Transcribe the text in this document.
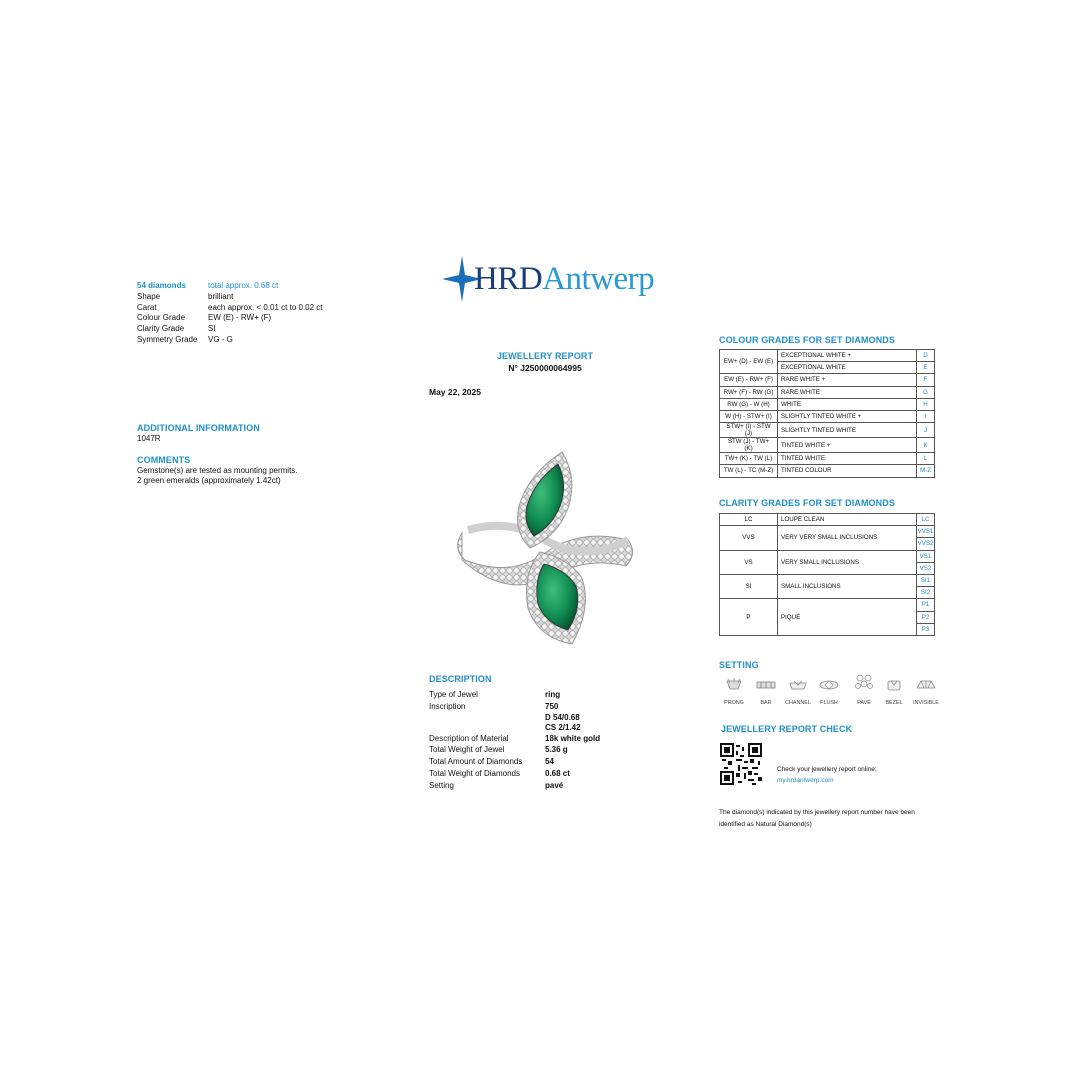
HRDAntwerp
54 diamonds	total approx. 0.68 ct
Shape	brilliant
Carat	each approx. < 0.01 ct to 0.02 ct
Colour Grade	EW (E) - RW+ (F)
Clarity Grade	SI
Symmetry Grade	VG - G
ADDITIONAL INFORMATION
1047R
COMMENTS
Gemstone(s) are tested as mounting permits.
2 green emeralds (approximately 1.42ct)
JEWELLERY REPORT
N° J250000064995
May 22, 2025
DESCRIPTION
Type of Jewel	ring
Inscription	750
D 54/0.68
CS 2/1.42
Description of Material	18k white gold
Total Weight of Jewel	5.36 g
Total Amount of Diamonds	54
Total Weight of Diamonds	0.68 ct
Setting	pavé
COLOUR GRADES FOR SET DIAMONDS
EW+ (D) - EW (E)	EXCEPTIONAL WHITE +	D
	EXCEPTIONAL WHITE	E
EW (E) - RW+ (F)	RARE WHITE +	F
RW+ (F) - RW (G)	RARE WHITE	G
RW (G) - W (H)	WHITE	H
W (H) - STW+ (I)	SLIGHTLY TINTED WHITE +	I
STW+ (I) - STW (J)	SLIGHTLY TINTED WHITE	J
STW (J) - TW+ (K)	TINTED WHITE +	K
TW+ (K) - TW (L)	TINTED WHITE	L
TW (L) - TC (M-Z)	TINTED COLOUR	M-Z
CLARITY GRADES FOR SET DIAMONDS
LC	LOUPE CLEAN	LC
VVS	VERY VERY SMALL INCLUSIONS	VVS1
		VVS2
VS	VERY SMALL INCLUSIONS	VS1
		VS2
SI	SMALL INCLUSIONS	SI1
		SI2
P	PIQUÉ	P1
		P2
		P3
SETTING
PRONG	BAR	CHANNEL	FLUSH	PAVÉ	BEZEL	INVISIBLE
JEWELLERY REPORT CHECK
Check your jewellery report online:
my.hrdantwerp.com
The diamond(s) indicated by this jewellery report number have been
identified as Natural Diamond(s)
